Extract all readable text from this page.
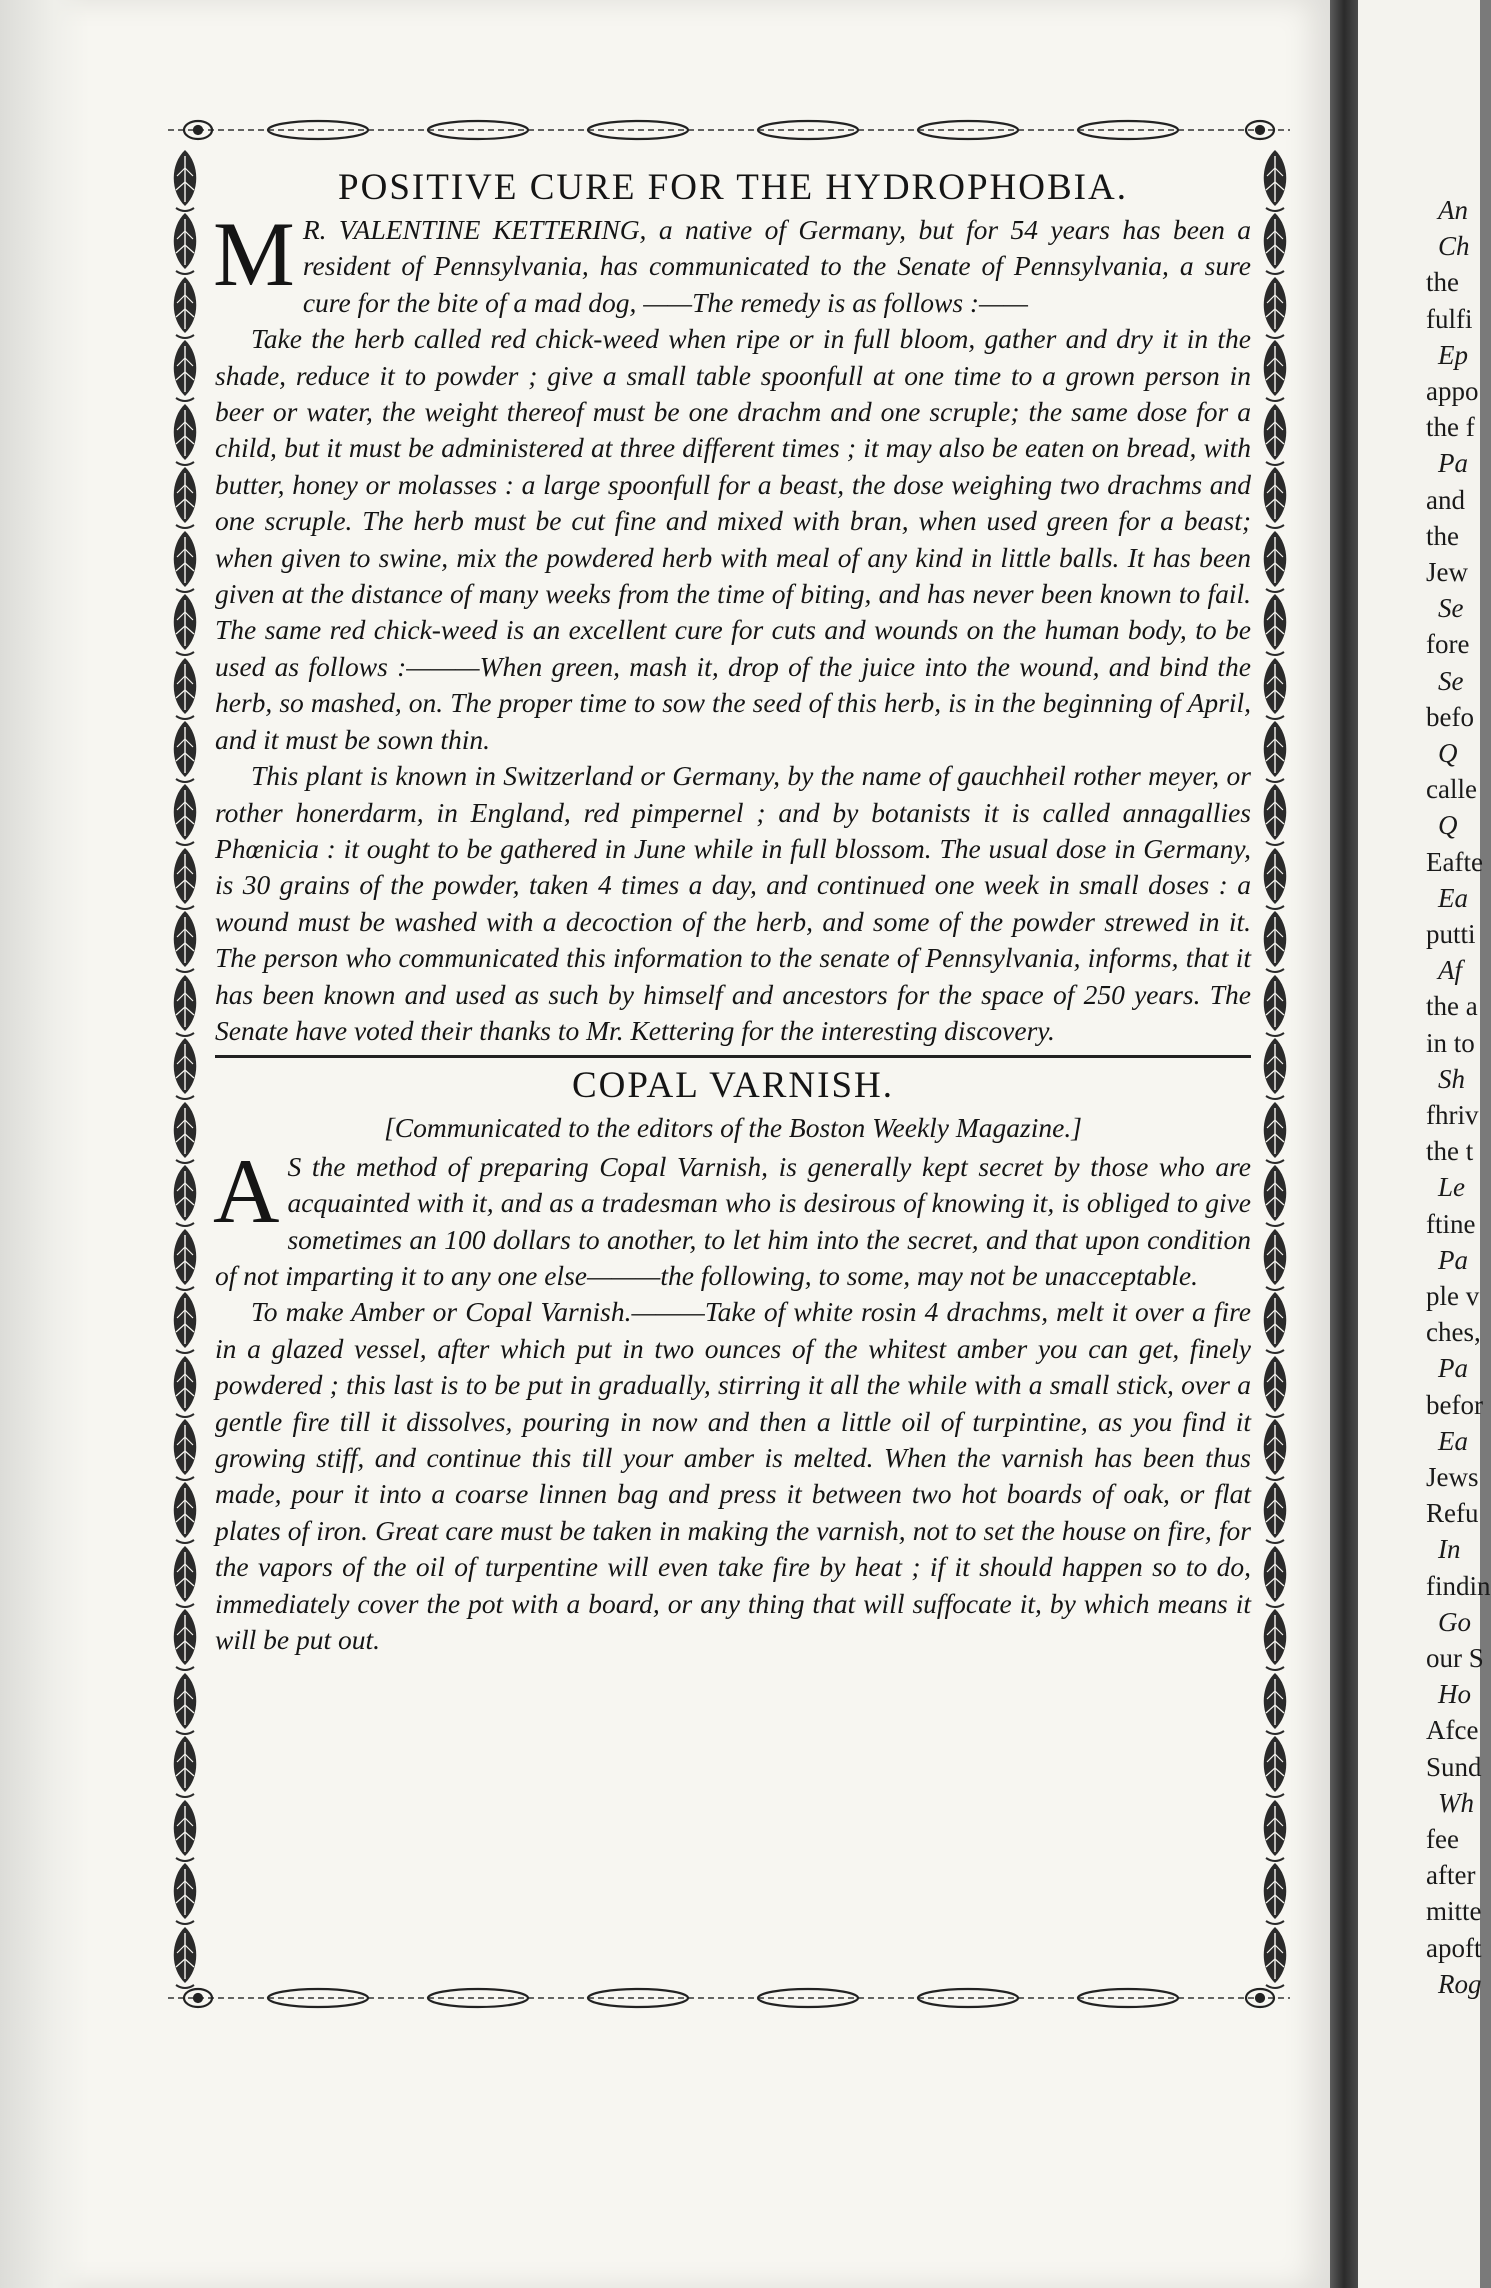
POSITIVE CURE FOR THE HYDROPHOBIA.

M R. VALENTINE KETTERING, a native of Germany, but for 54 years has been a resident of Pennsylvania, has communicated to the Senate of Pennsylvania, a sure cure for the bite of a mad dog, ——The remedy is as follows :——

Take the herb called red chick-weed when ripe or in full bloom, gather and dry it in the shade, reduce it to powder ; give a small table spoonfull at one time to a grown person in beer or water, the weight thereof must be one drachm and one scruple; the same dose for a child, but it must be administered at three different times ; it may also be eaten on bread, with butter, honey or molasses : a large spoonfull for a beast, the dose weighing two drachms and one scruple. The herb must be cut fine and mixed with bran, when used green for a beast; when given to swine, mix the powdered herb with meal of any kind in little balls. It has been given at the distance of many weeks from the time of biting, and has never been known to fail. The same red chick-weed is an excellent cure for cuts and wounds on the human body, to be used as follows :———When green, mash it, drop of the juice into the wound, and bind the herb, so mashed, on. The proper time to sow the seed of this herb, is in the beginning of April, and it must be sown thin.

This plant is known in Switzerland or Germany, by the name of gauchheil rother meyer, or rother honerdarm, in England, red pimpernel ; and by botanists it is called annagallies Phœnicia : it ought to be gathered in June while in full blossom. The usual dose in Germany, is 30 grains of the powder, taken 4 times a day, and continued one week in small doses : a wound must be washed with a decoction of the herb, and some of the powder strewed in it. The person who communicated this information to the senate of Pennsylvania, informs, that it has been known and used as such by himself and ancestors for the space of 250 years. The Senate have voted their thanks to Mr. Kettering for the interesting discovery.

COPAL VARNISH.

[Communicated to the editors of the Boston Weekly Magazine.]

A S the method of preparing Copal Varnish, is generally kept secret by those who are acquainted with it, and as a tradesman who is desirous of knowing it, is obliged to give sometimes an 100 dollars to another, to let him into the secret, and that upon condition of not imparting it to any one else———the following, to some, may not be unacceptable.

To make Amber or Copal Varnish.———Take of white rosin 4 drachms, melt it over a fire in a glazed vessel, after which put in two ounces of the whitest amber you can get, finely powdered ; this last is to be put in gradually, stirring it all the while with a small stick, over a gentle fire till it dissolves, pouring in now and then a little oil of turpintine, as you find it growing stiff, and continue this till your amber is melted. When the varnish has been thus made, pour it into a coarse linnen bag and press it between two hot boards of oak, or flat plates of iron. Great care must be taken in making the varnish, not to set the house on fire, for the vapors of the oil of turpentine will even take fire by heat ; if it should happen so to do, immediately cover the pot with a board, or any thing that will suffocate it, by which means it will be put out.

An
Ch
the
fulfi
Ep
appo
the f
Pa
and
the
Jew
Se
fore
Se
befo
Q
calle
Q
Eafte
Ea
putti
Af
the a
in to
Sh
fhriv
the t
Le
ftine
Pa
ple v
ches,
Pa
befor
Ea
Jews
Refu
In
findin
Go
our S
Ho
Afce
Sund
Wh
fee
after
mitte
apoft
Rog
